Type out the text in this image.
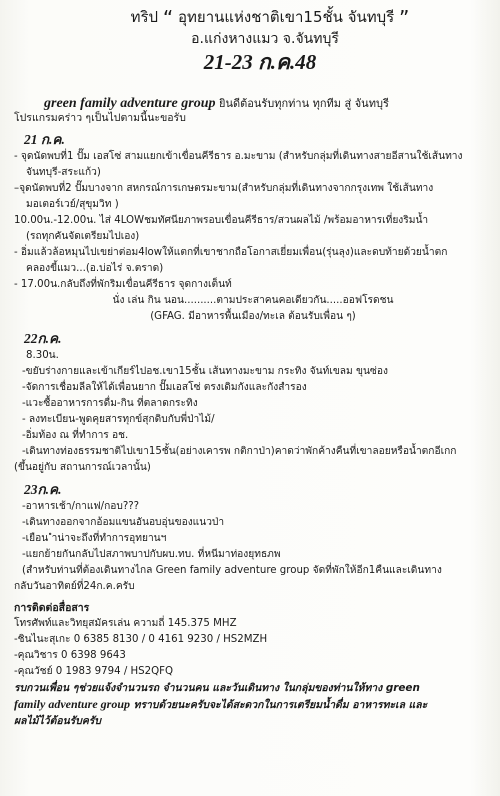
ทริป “ อุทยานแห่งชาติเขา15ชั้น จันทบุรี ”
อ.แก่งหางแมว จ.จันทบุรี
21-23 ก.ค.48
green family adventure group ยินดีต้อนรับทุกท่าน ทุกทีม สู่ จันทบุรี
โปรแกรมคร่าว ๆเป็นไปตามนี้นะขอรับ
21 ก.ค.
- จุดนัดพบที่1 ปั๊ม เอสโซ่ สามแยกเข้าเขื่อนคีรีธาร อ.มะขาม (สำหรับกลุ่มที่เดินทางสายอีสานใช้เส้นทาง
จันทบุรี-สระแก้ว)
–จุดนัดพบที่2 ปั๊มบางจาก สหกรณ์การเกษตรมะขาม(สำหรับกลุ่มที่เดินทางจากกรุงเทพ ใช้เส้นทาง
มอเตอร์เวย์/สุขุมวิท )
10.00น.-12.00น. ไส่ 4LOWชมทัศนียภาพรอบเขื่อนคีรีธาร/สวนผลไม้ /พร้อมอาหารเที่ยงริมน้ำ
(รถทุกคันจัดเตรียมไปเอง)
- อิ่มแล้วล้อหมุนไปเขย่าต่อม4lowให้แตกที่เขาชากถือโอกาสเยี่ยมเพื่อน(รุ่นลุง)และดบท้ายด้วยน้ำตก
คลองขี้แมว...(อ.บ่อไร่ จ.ตราด)
- 17.00น.กลับถึงที่พักริมเขื่อนคีรีธาร จุดกางเต็นท์
นั่ง เล่น กิน นอน..........ตามประสาคนคอเดียวกัน.....ออฟโรดชน
(GFAG. มีอาหารพื้นเมือง/ทะเล ต้อนรับเพื่อน ๆ)
22ก.ค.
8.30น.
-ขยับร่างกายและเข้าเกียร์ไปอช.เขา15ชั้น เส้นทางมะขาม กระทิง จันท์เขลม ขุนซ่อง
-จัดการเชื่อมลีลให้ได้เพื่อนยาก ปั๊มเอสโซ่ ตรงเดิมกังและกังสำรอง
-แวะซื้ออาหารการดื่ม-กิน ที่ตลาดกระทิง
- ลงทะเบียน-พูดคุยสารทุกข์สุกดิบกับพี่ป่าไม้/
-อิ่มท้อง ณ ที่ทำการ อช.
-เดินทางท่องธรรมชาติไปเขา15ชั้น(อย่างเคารพ กติกาป่า)คาดว่าพักค้างคืนที่เขาลอยหรือน้ำตกอีเกก
(ขึ้นอยู่กับ สถานการณ์เวลานั้น)
23ก.ค.
-อาหารเช้า/กาแฟ/กอบ???
-เดินทางออกจากอ้อมแขนอันอบอุ่นของแนวป่า
-เยือน ำน่าจะถึงที่ทำการอุทยานฯ
-แยกย้ายกันกลับไปสภาพบาปกับผบ.ทบ. ที่หนีมาท่องยุทธภพ
(สำหรับท่านที่ต้องเดินทางไกล Green family adventure group จัดที่พักให้อีก1คืนและเดินทาง
กลับวันอาทิตย์ที่24ก.ค.ครับ
การติดต่อสื่อสาร
โทรศัพท์และวิทยุสมัครเล่น ความถี่ 145.375 MHZ
-ชินไนะสุเกะ 0 6385 8130 / 0 4161 9230 / HS2MZH
-คุณวิชาร 0 6398 9643
-คุณวัชย์ 0 1983 9794 / HS2QFQ
รบกวนเพื่อน ๆช่วยแจ้งจำนวนรถ จำนวนคน และวันเดินทาง ในกลุ่มของท่านให้ทาง green
family adventure group ทราบด้วยนะครับจะได้สะดวกในการเตรียมน้ำดื่ม อาหารทะเล และ
ผลไม้ไว้ต้อนรับครับ
